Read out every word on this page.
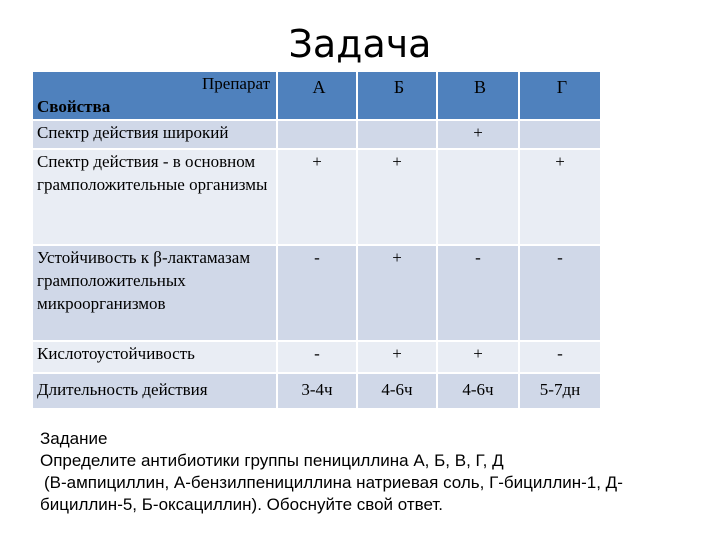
Задача
Препарат
Свойства	А	Б	В	Г
Спектр действия широкий			+	
Спектр действия - в основном грамположительные организмы	+	+		+
Устойчивость к β-лактамазам грамположительных микроорганизмов	-	+	-	-
Кислотоустойчивость	-	+	+	-
Длительность действия	3-4ч	4-6ч	4-6ч	5-7дн

Задание

Определите антибиотики группы пенициллина А, Б, В, Г, Д

(В-ампициллин, А-бензилпенициллина натриевая соль, Г-бициллин-1, Д-бициллин-5, Б-оксациллин). Обоснуйте свой ответ.
